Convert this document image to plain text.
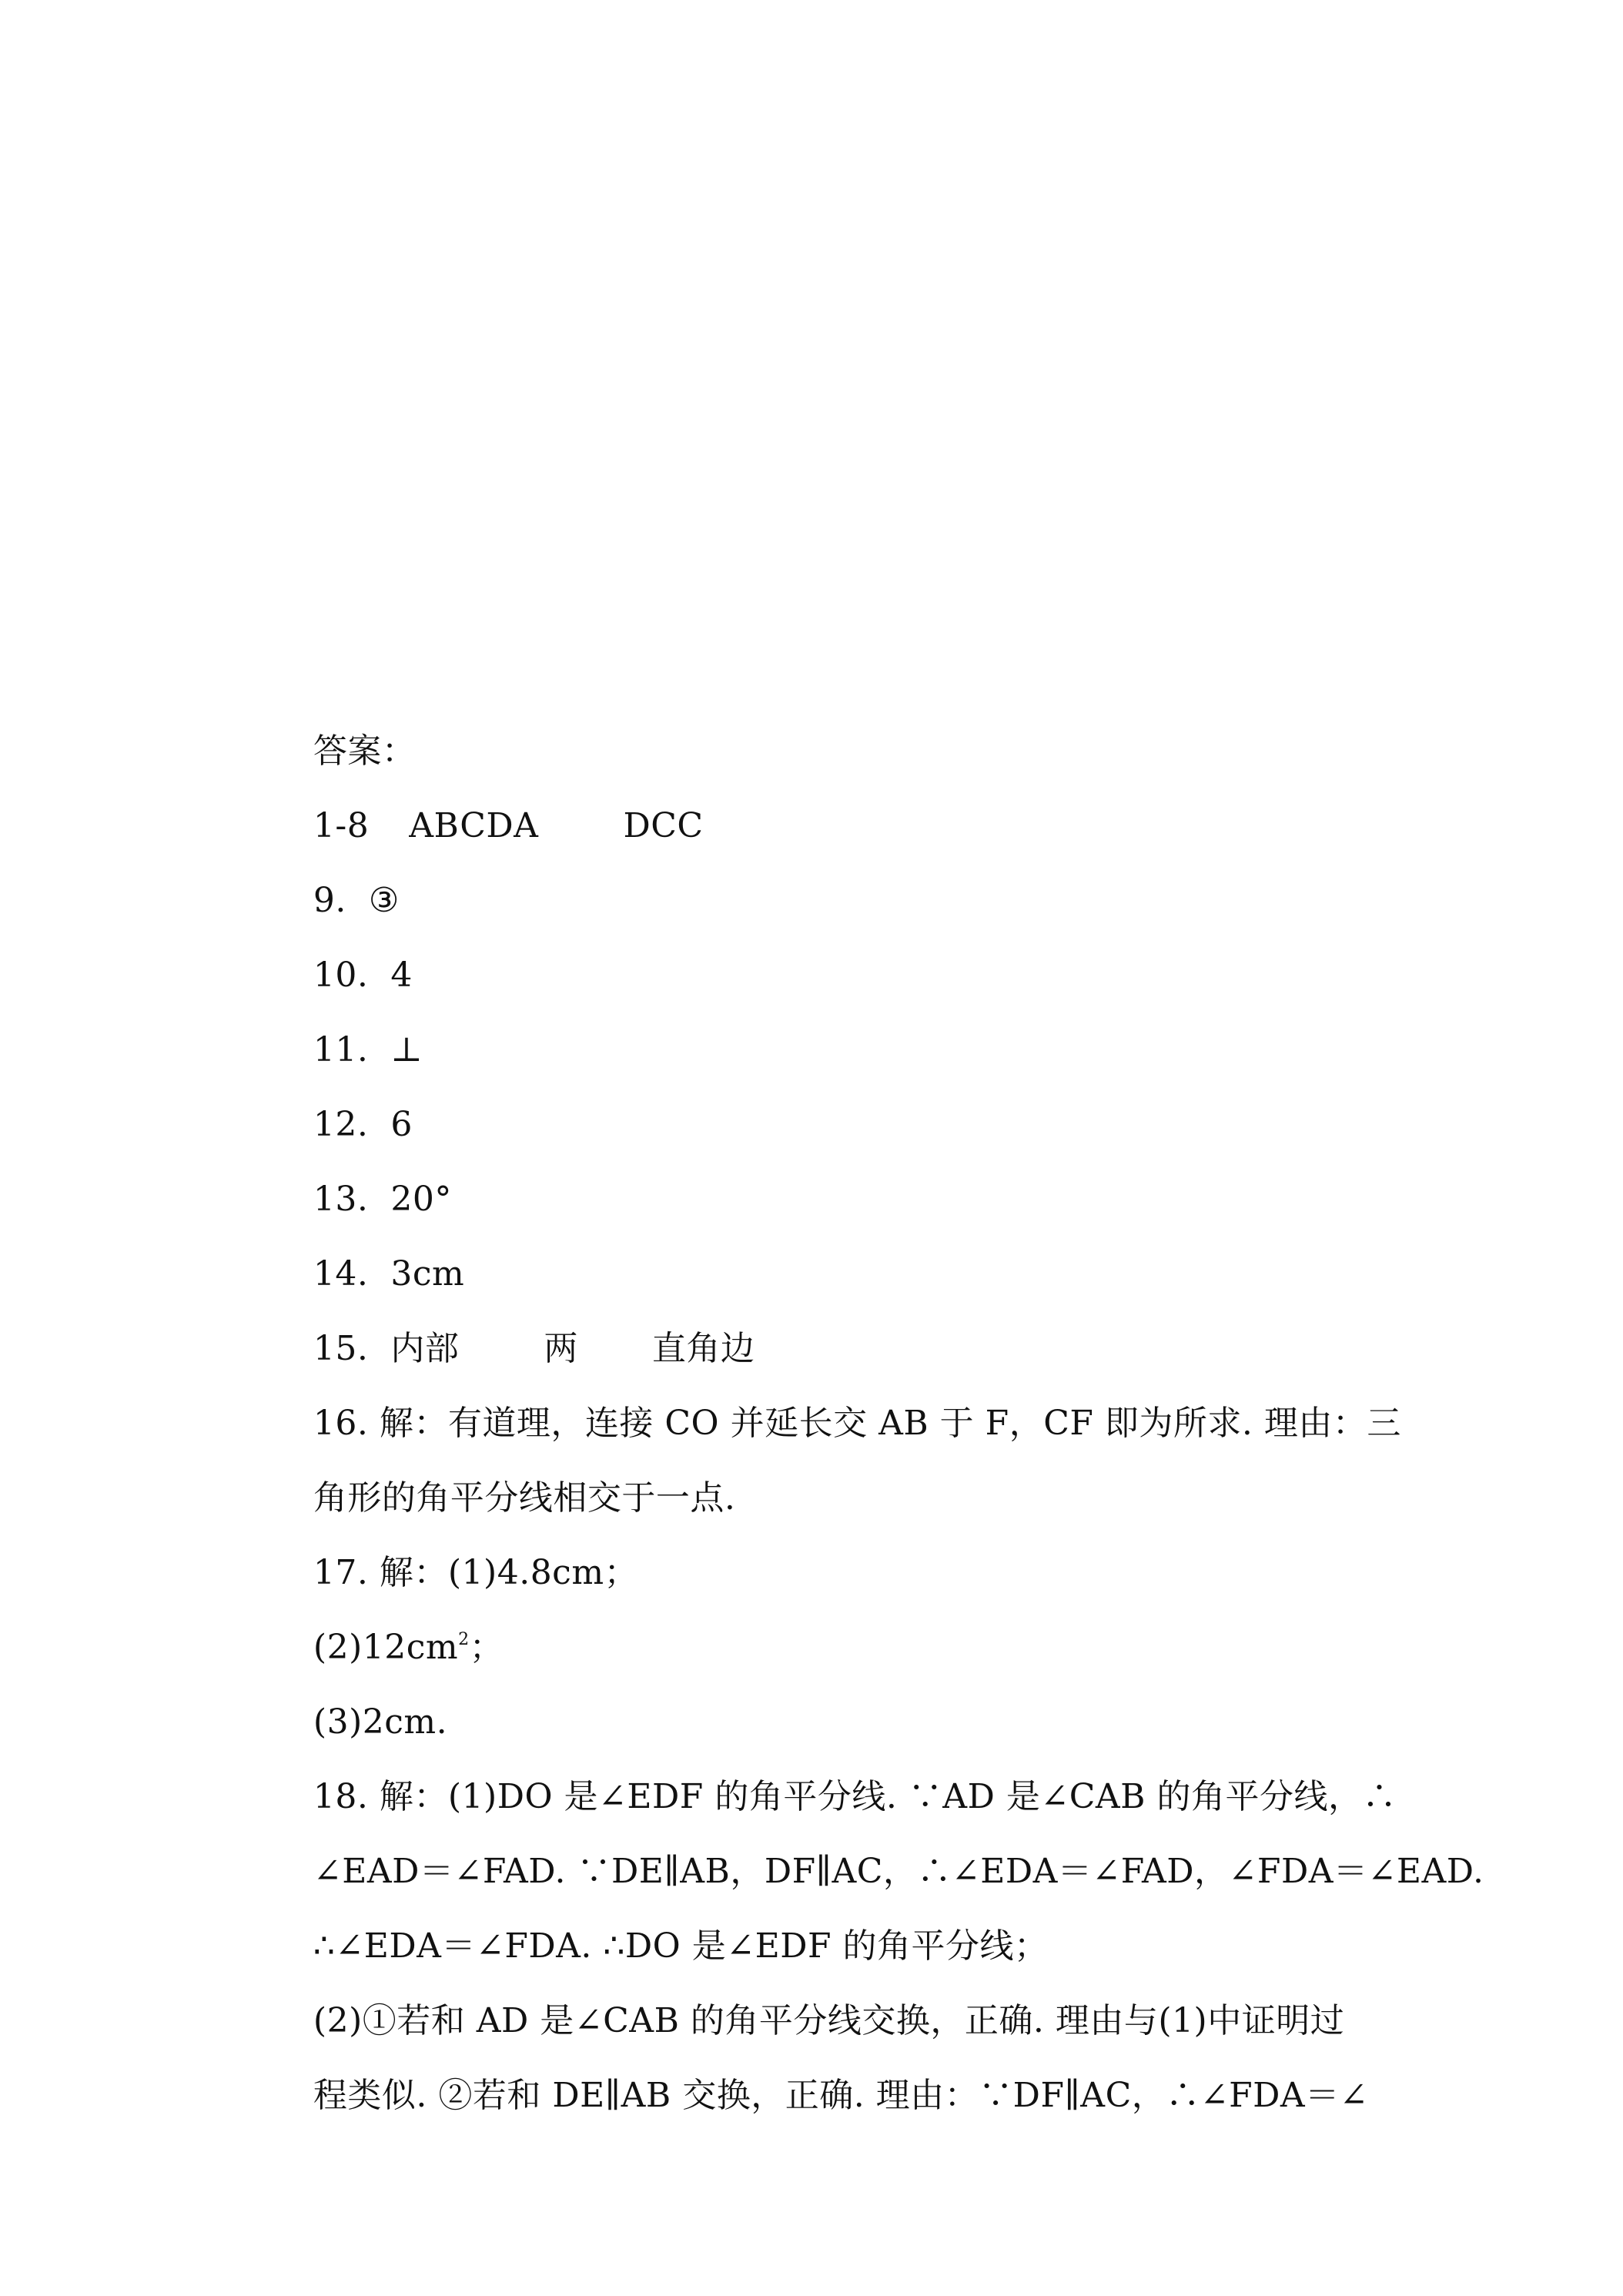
答案：

1-8 ABCDA	DCC

9. ③

10. 4

11. ⊥

12. 6

13. 20°

14. 3cm

15. 内部	两 直角边

16. 解：有道理，连接 CO 并延长交 AB 于 F，CF 即为所求. 理由：三

角形的角平分线相交于一点.

17. 解：(1)4.8cm；

$(2)12cm^2$；

(3)2cm.

18. 解：(1)DO 是∠EDF 的角平分线. ∵AD 是∠CAB 的角平分线，∴

∠EAD＝∠FAD. ∵DE∥AB，DF∥AC，∴∠EDA＝∠FAD，∠FDA＝∠EAD.

∴∠EDA＝∠FDA. ∴DO 是∠EDF 的角平分线；

(2)①若和 AD 是∠CAB 的角平分线交换，正确. 理由与(1)中证明过

程类似. ②若和 DE∥AB 交换，正确. 理由：∵DF∥AC，∴∠FDA＝∠
